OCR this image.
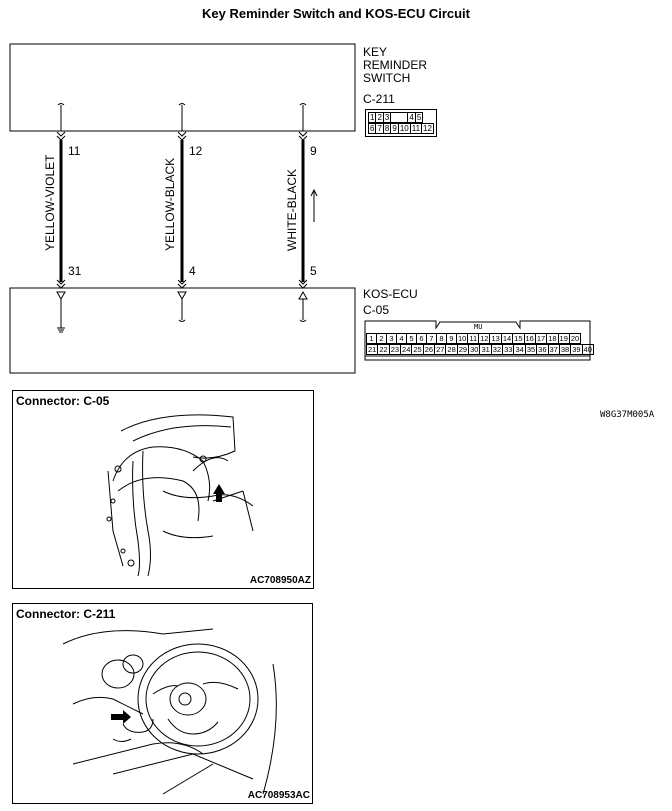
Key Reminder Switch and KOS-ECU Circuit
KEY
REMINDER
SWITCH
C-211
1	2	3		4	5
6	7	8	9	10	11	12
KOS-ECU
C-05
MU
1	2	3	4	5	6	7	8	9	10	11	12	13	14	15	16	17	18	19	20
21	22	23	24	25	26	27	28	29	30	31	32	33	34	35	36	37	38	39	40
11
31
12
4
9
5
YELLOW-VIOLET	YELLOW-BLACK	WHITE-BLACK
W8G37M005A
Connector: C-05
AC708950AZ
Connector: C-211
AC708953AC
